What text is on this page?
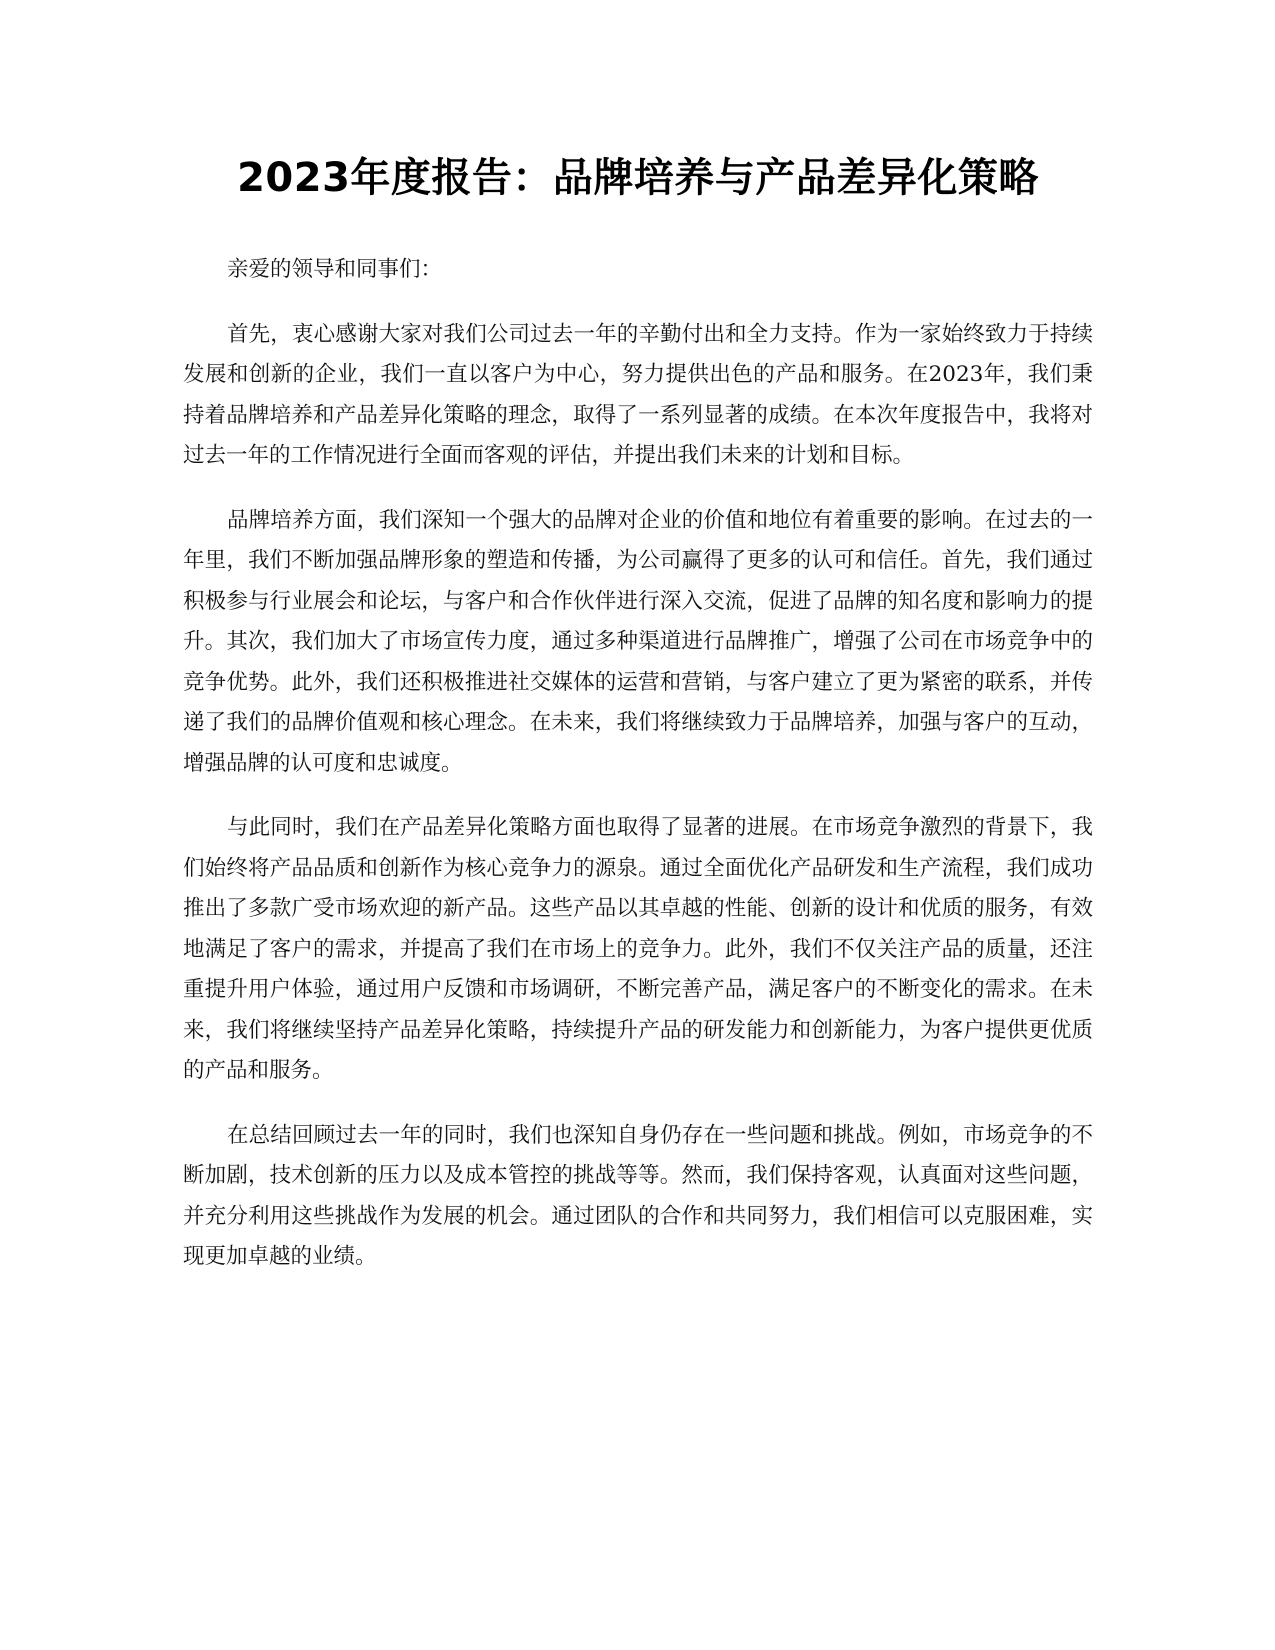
2023年度报告：品牌培养与产品差异化策略

亲爱的领导和同事们：

首先，衷心感谢大家对我们公司过去一年的辛勤付出和全力支持。作为一家始终致力于持续发展和创新的企业，我们一直以客户为中心，努力提供出色的产品和服务。在2023年，我们秉持着品牌培养和产品差异化策略的理念，取得了一系列显著的成绩。在本次年度报告中，我将对过去一年的工作情况进行全面而客观的评估，并提出我们未来的计划和目标。

品牌培养方面，我们深知一个强大的品牌对企业的价值和地位有着重要的影响。在过去的一年里，我们不断加强品牌形象的塑造和传播，为公司赢得了更多的认可和信任。首先，我们通过积极参与行业展会和论坛，与客户和合作伙伴进行深入交流，促进了品牌的知名度和影响力的提升。其次，我们加大了市场宣传力度，通过多种渠道进行品牌推广，增强了公司在市场竞争中的竞争优势。此外，我们还积极推进社交媒体的运营和营销，与客户建立了更为紧密的联系，并传递了我们的品牌价值观和核心理念。在未来，我们将继续致力于品牌培养，加强与客户的互动，增强品牌的认可度和忠诚度。

与此同时，我们在产品差异化策略方面也取得了显著的进展。在市场竞争激烈的背景下，我们始终将产品品质和创新作为核心竞争力的源泉。通过全面优化产品研发和生产流程，我们成功推出了多款广受市场欢迎的新产品。这些产品以其卓越的性能、创新的设计和优质的服务，有效地满足了客户的需求，并提高了我们在市场上的竞争力。此外，我们不仅关注产品的质量，还注重提升用户体验，通过用户反馈和市场调研，不断完善产品，满足客户的不断变化的需求。在未来，我们将继续坚持产品差异化策略，持续提升产品的研发能力和创新能力，为客户提供更优质的产品和服务。

在总结回顾过去一年的同时，我们也深知自身仍存在一些问题和挑战。例如，市场竞争的不断加剧，技术创新的压力以及成本管控的挑战等等。然而，我们保持客观，认真面对这些问题，并充分利用这些挑战作为发展的机会。通过团队的合作和共同努力，我们相信可以克服困难，实现更加卓越的业绩。
